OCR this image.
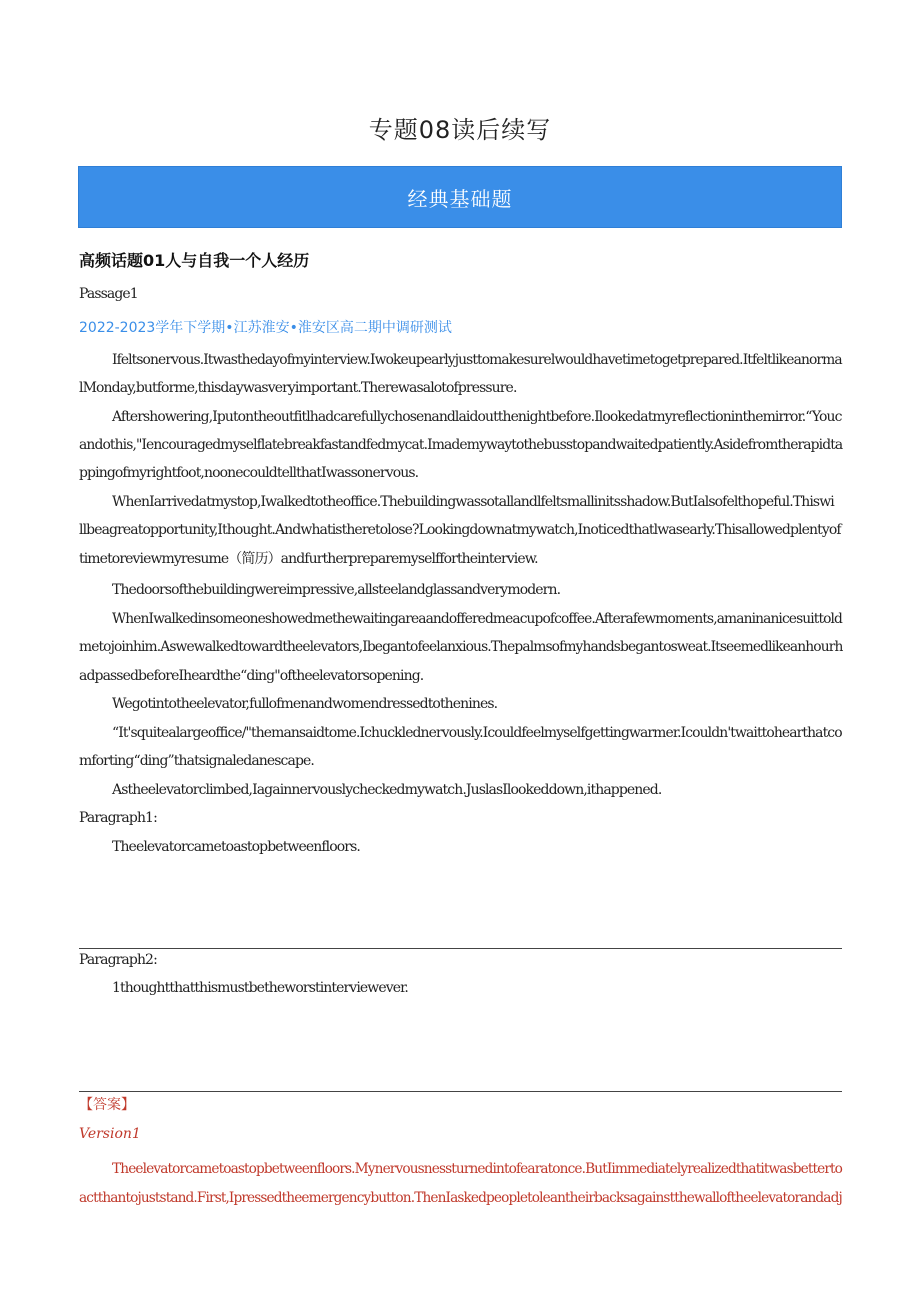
专题08读后续写
经典基础题
高频话题01人与自我一个人经历
Passage1
2022-2023学年下学期•江苏淮安•淮安区高二期中调研测试
Ifeltsonervous.Itwasthedayofmyinterview.Iwokeupearlyjusttomakesurelwouldhavetimetogetprepared.Itfeltlikeanorma
lMonday,butforme,thisdaywasveryimportant.Therewasalotofpressure.
Aftershowering,Iputontheoutfitlhadcarefullychosenandlaidoutthenightbefore.Ilookedatmyreflectioninthemirror.“Youc
andothis,"Iencouragedmyselflatebreakfastandfedmycat.Imademywaytothebusstopandwaitedpatiently.Asidefromtherapidta
ppingofmyrightfoot,noonecouldtellthatIwassonervous.
WhenIarrivedatmystop,Iwalkedtotheoffice.Thebuildingwassotallandlfeltsmallinitsshadow.ButIalsofelthopeful.Thiswi
llbeagreatopportunity,Ithought.Andwhatistheretolose?Lookingdownatmywatch,Inoticedthatlwasearly.Thisallowedplentyof
timetoreviewmyresume（简历）andfurtherpreparemyselffortheinterview.
Thedoorsofthebuildingwereimpressive,allsteelandglassandverymodern.
WhenIwalkedinsomeoneshowedmethewaitingareaandofferedmeacupofcoffee.Afterafewmoments,amaninanicesuittold
metojoinhim.Aswewalkedtowardtheelevators,Ibegantofeelanxious.Thepalmsofmyhandsbegantosweat.Itseemedlikeanhourh
adpassedbeforeIheardthe“ding"oftheelevatorsopening.
Wegotintotheelevator,fullofmenandwomendressedtothenines.
“It'squitealargeoffice/"themansaidtome.Ichucklednervously.Icouldfeelmyselfgettingwarmer.Icouldn'twaittohearthatco
mforting“ding”thatsignaledanescape.
Astheelevatorclimbed,Iagainnervouslycheckedmywatch.JuslasIlookeddown,ithappened.
Paragraph1:
Theelevatorcametoastopbetweenfloors.
Paragraph2:
1thoughtthatthismustbetheworstinterviewever.
【答案】
Version1
Theelevatorcametoastopbetweenfloors.Mynervousnessturnedintofearatonce.ButIimmediatelyrealizedthatitwasbetterto
actthantojuststand.First,Ipressedtheemergencybutton.ThenIaskedpeopletoleantheirbacksagainstthewalloftheelevatorandadj
